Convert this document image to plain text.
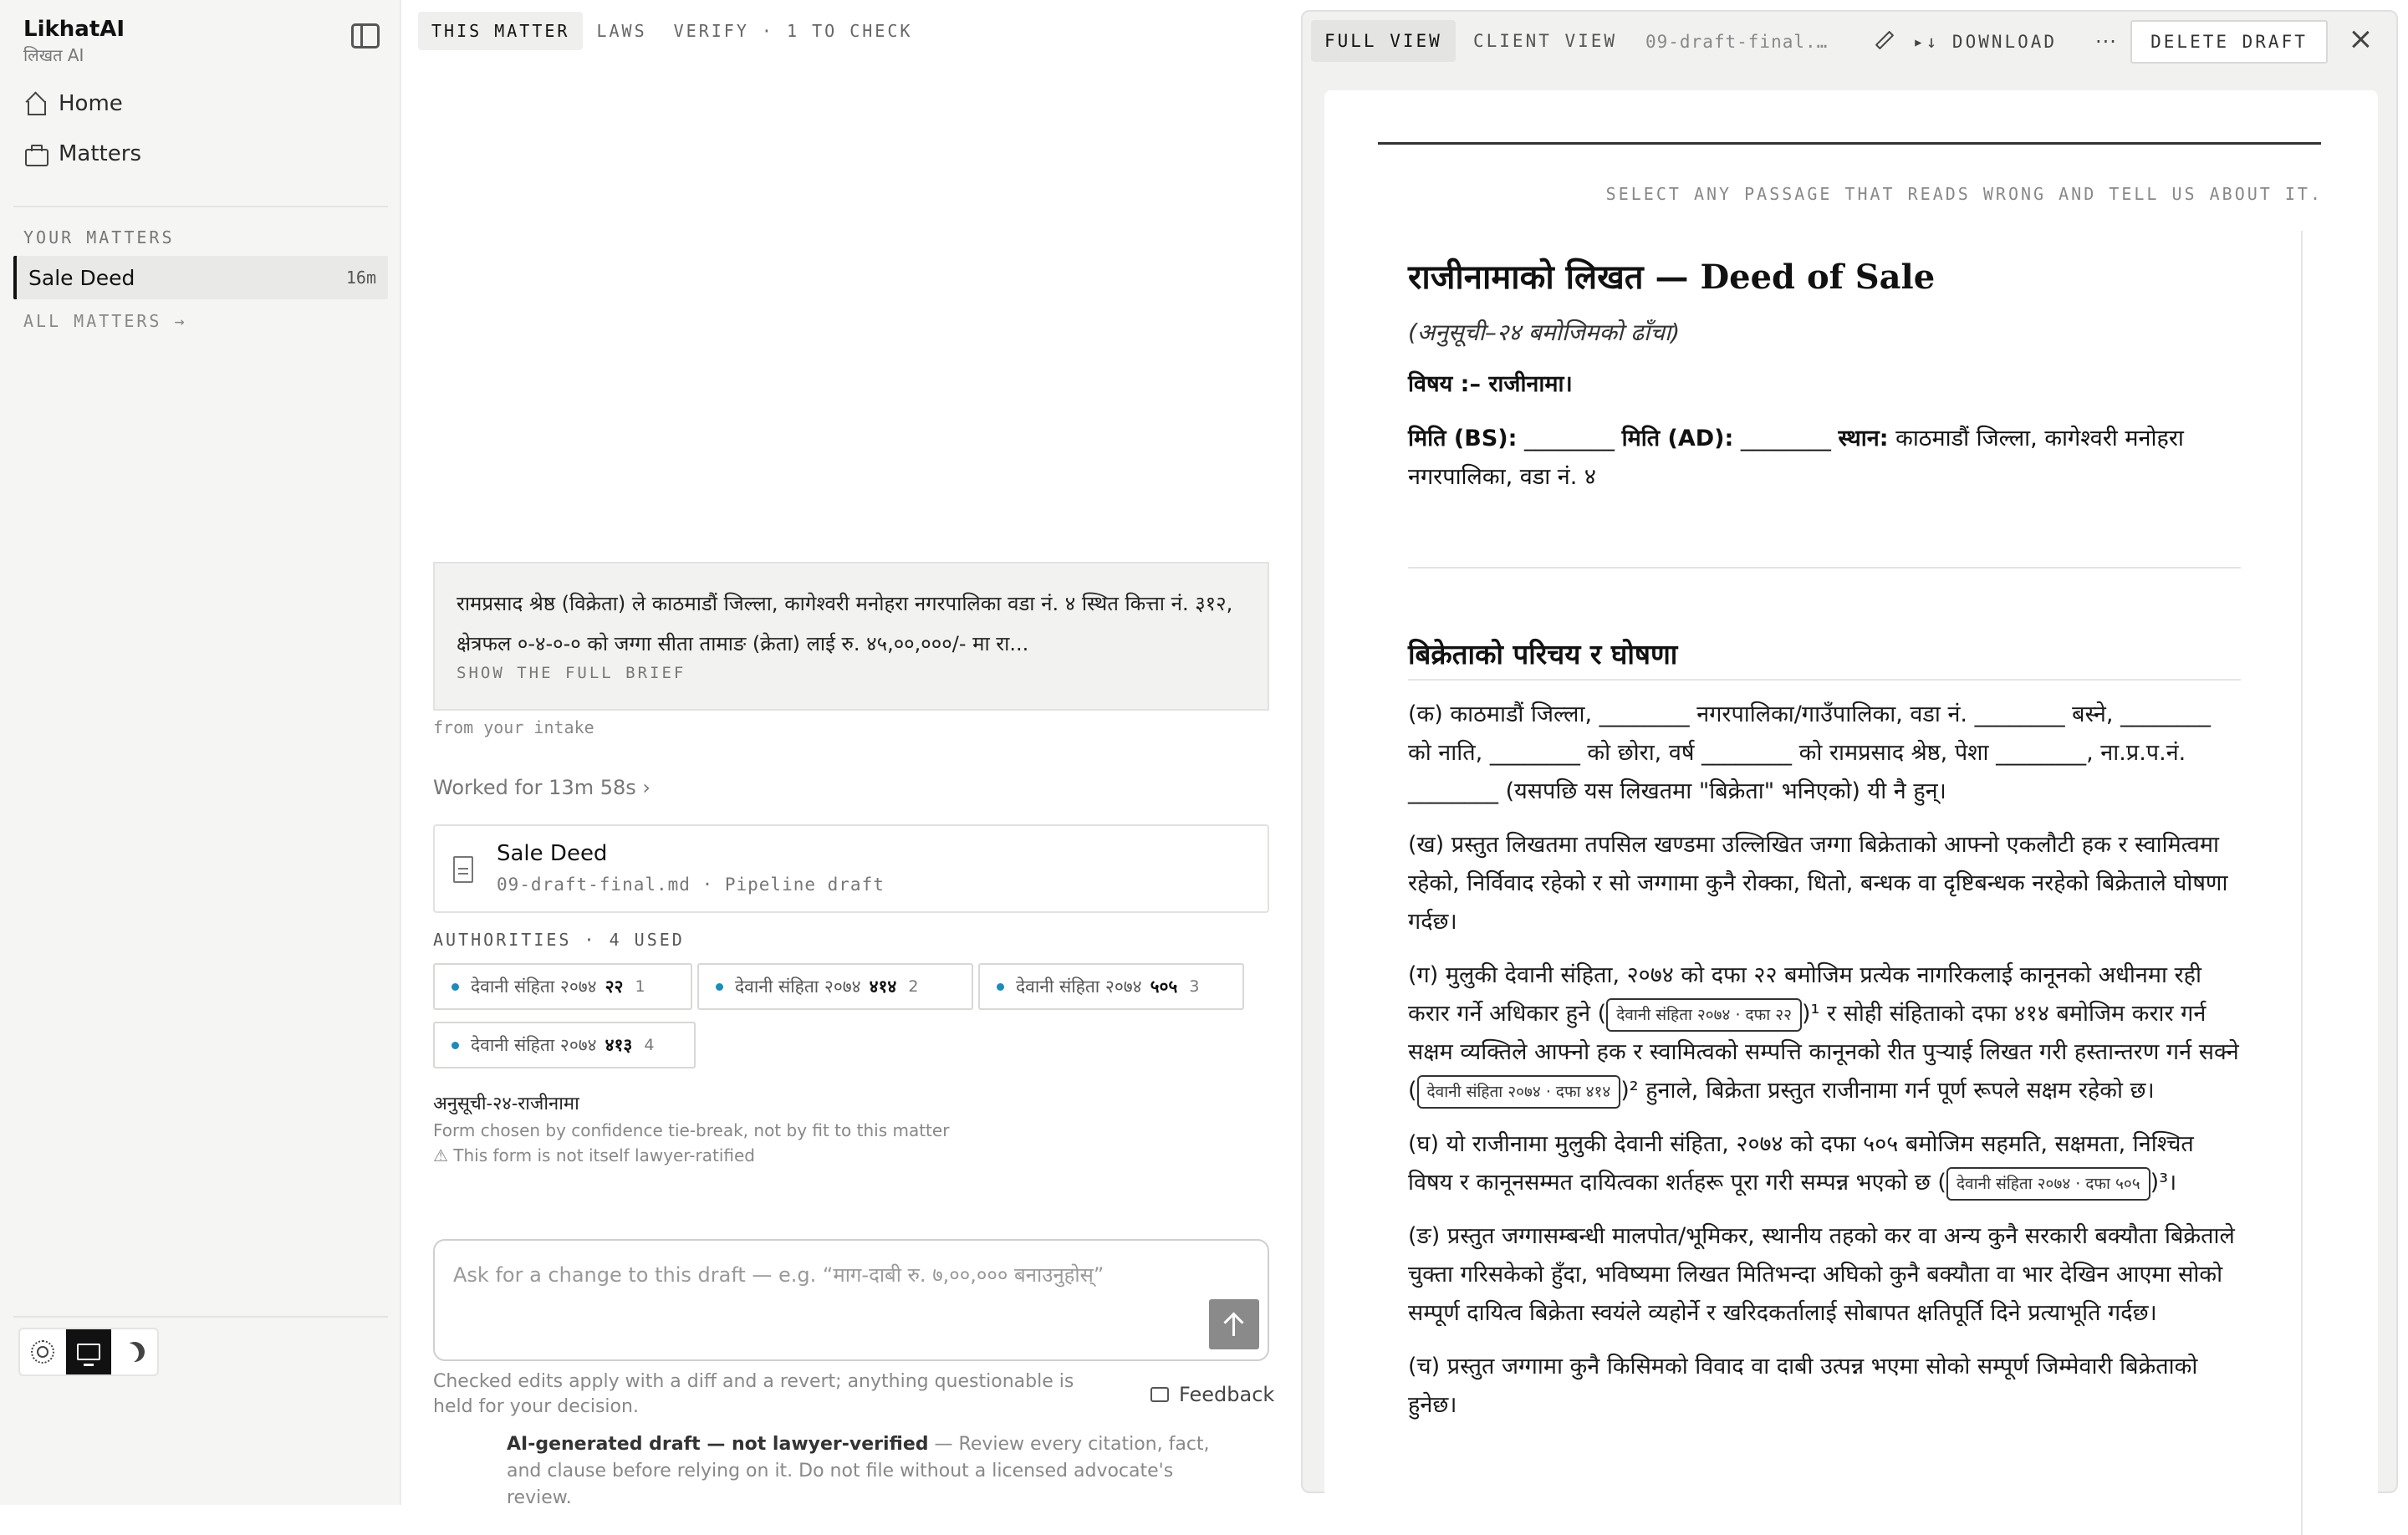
LikhatAI
लिखत AI
Home
Matters
YOUR MATTERS
Sale Deed	16m
ALL MATTERS →
THIS MATTER	LAWS	VERIFY · 1 TO CHECK
रामप्रसाद श्रेष्ठ (विक्रेता) ले काठमाडौं जिल्ला, कागेश्वरी मनोहरा नगरपालिका वडा नं. ४ स्थित कित्ता नं. ३१२, क्षेत्रफल ०-४-०-० को जग्गा सीता तामाङ (क्रेता) लाई रु. ४५,००,०००/- मा रा...
SHOW THE FULL BRIEF
from your intake
Worked for 13m 58s ›
Sale Deed
09-draft-final.md · Pipeline draft
AUTHORITIES · 4 USED
देवानी संहिता २०७४ २२ 1	देवानी संहिता २०७४ ४१४ 2	देवानी संहिता २०७४ ५०५ 3
देवानी संहिता २०७४ ४१३ 4
अनुसूची-२४-राजीनामा
Form chosen by confidence tie-break, not by fit to this matter
⚠ This form is not itself lawyer-ratified
Ask for a change to this draft — e.g. “माग-दाबी रु. ७,००,००० बनाउनुहोस्”
Checked edits apply with a diff and a revert; anything questionable is held for your decision.
Feedback
AI-generated draft — not lawyer-verified — Review every citation, fact, and clause before relying on it. Do not file without a licensed advocate's review.
FULL VIEW	CLIENT VIEW	09-draft-final.…	▸↓ DOWNLOAD ···	DELETE DRAFT
SELECT ANY PASSAGE THAT READS WRONG AND TELL US ABOUT IT.
राजीनामाको लिखत — Deed of Sale
(अनुसूची–२४ बमोजिमको ढाँचा)
विषय :– राजीनामा।
मिति (BS): ________ मिति (AD): ________ स्थान: काठमाडौं जिल्ला, कागेश्वरी मनोहरा नगरपालिका, वडा नं. ४
बिक्रेताको परिचय र घोषणा
(क) काठमाडौं जिल्ला, ________ नगरपालिका/गाउँपालिका, वडा नं. ________ बस्ने, ________ को नाति, ________ को छोरा, वर्ष ________ को रामप्रसाद श्रेष्ठ, पेशा ________, ना.प्र.प.नं. ________ (यसपछि यस लिखतमा "बिक्रेता" भनिएको) यी नै हुन्।
(ख) प्रस्तुत लिखतमा तपसिल खण्डमा उल्लिखित जग्गा बिक्रेताको आफ्नो एकलौटी हक र स्वामित्वमा रहेको, निर्विवाद रहेको र सो जग्गामा कुनै रोक्का, धितो, बन्धक वा दृष्टिबन्धक नरहेको बिक्रेताले घोषणा गर्दछ।
(ग) मुलुकी देवानी संहिता, २०७४ को दफा २२ बमोजिम प्रत्येक नागरिकलाई कानूनको अधीनमा रही करार गर्ने अधिकार हुने ( देवानी संहिता २०७४ · दफा २२ )¹ र सोही संहिताको दफा ४१४ बमोजिम करार गर्न सक्षम व्यक्तिले आफ्नो हक र स्वामित्वको सम्पत्ति कानूनको रीत पुऱ्याई लिखत गरी हस्तान्तरण गर्न सक्ने ( देवानी संहिता २०७४ · दफा ४१४ )² हुनाले, बिक्रेता प्रस्तुत राजीनामा गर्न पूर्ण रूपले सक्षम रहेको छ।
(घ) यो राजीनामा मुलुकी देवानी संहिता, २०७४ को दफा ५०५ बमोजिम सहमति, सक्षमता, निश्चित विषय र कानूनसम्मत दायित्वका शर्तहरू पूरा गरी सम्पन्न भएको छ ( देवानी संहिता २०७४ · दफा ५०५ )³।
(ङ) प्रस्तुत जग्गासम्बन्धी मालपोत/भूमिकर, स्थानीय तहको कर वा अन्य कुनै सरकारी बक्यौता बिक्रेताले चुक्ता गरिसकेको हुँदा, भविष्यमा लिखत मितिभन्दा अघिको कुनै बक्यौता वा भार देखिन आएमा सोको सम्पूर्ण दायित्व बिक्रेता स्वयंले व्यहोर्ने र खरिदकर्तालाई सोबापत क्षतिपूर्ति दिने प्रत्याभूति गर्दछ।
(च) प्रस्तुत जग्गामा कुनै किसिमको विवाद वा दाबी उत्पन्न भएमा सोको सम्पूर्ण जिम्मेवारी बिक्रेताको हुनेछ।
